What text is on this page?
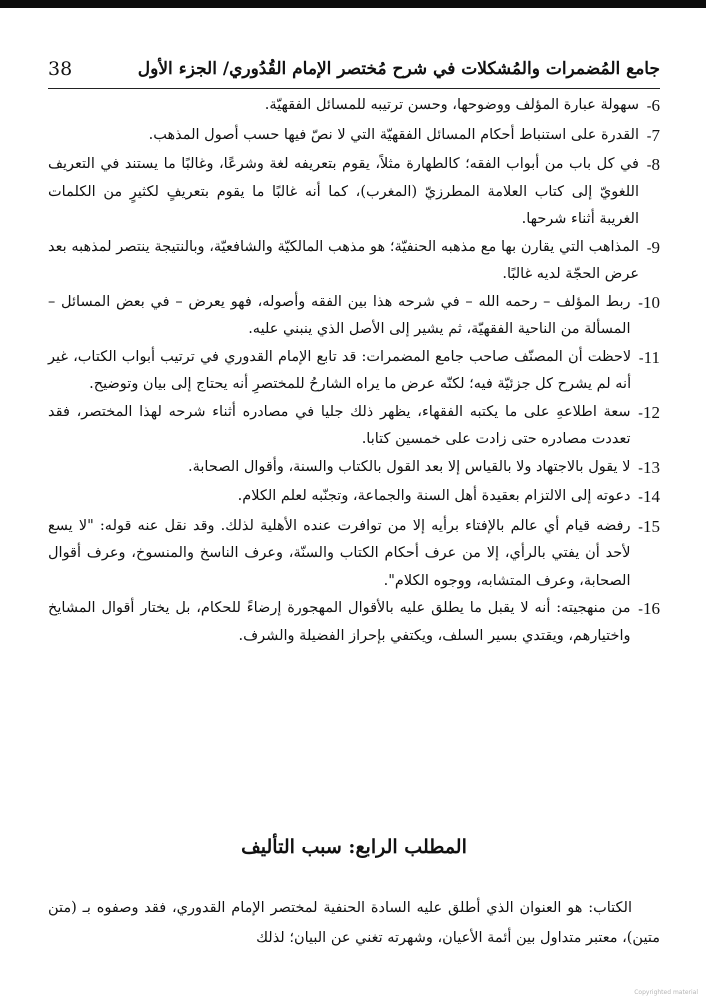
جامع المُضمرات والمُشكلات في شرح مُختصر الإمام القُدُوري/ الجزء الأول
38
6-
سهولة عبارة المؤلف ووضوحها، وحسن ترتيبه للمسائل الفقهيّة.
7-
القدرة على استنباط أحكام المسائل الفقهيّة التي لا نصّ فيها حسب أصول المذهب.
8-
في كل باب من أبواب الفقه؛ كالطهارة مثلاً، يقوم بتعريفه لغة وشرعًا، وغالبًا ما يستند في التعريف اللغويّ إلى كتاب العلامة المطرزيّ (المغرب)، كما أنه غالبًا ما يقوم بتعريفٍ لكثيرٍ من الكلمات الغريبة أثناء شرحها.
9-
المذاهب التي يقارن بها مع مذهبه الحنفيّة؛ هو مذهب المالكيّة والشافعيّة، وبالنتيجة ينتصر لمذهبه بعد عرض الحجّة لديه غالبًا.
10-
ربط المؤلف – رحمه الله – في شرحه هذا بين الفقه وأصوله، فهو يعرض – في بعض المسائل – المسألة من الناحية الفقهيّة، ثم يشير إلى الأصل الذي ينبني عليه.
11-
لاحظت أن المصنّف صاحب جامع المضمرات: قد تابع الإمام القدوري في ترتيب أبواب الكتاب، غير أنه لم يشرح كل جزئيّة فيه؛ لكنّه عرض ما يراه الشارحُ للمختصرِ أنه يحتاج إلى بيان وتوضيح.
12-
سعة اطلاعهِ على ما يكتبه الفقهاء، يظهر ذلك جليا في مصادره أثناء شرحه لهذا المختصر، فقد تعددت مصادره حتى زادت على خمسين كتابا.
13-
لا يقول بالاجتهاد ولا بالقياس إلا بعد القول بالكتاب والسنة، وأقوال الصحابة.
14-
دعوته إلى الالتزام بعقيدة أهل السنة والجماعة، وتجنّبه لعلم الكلام.
15-
رفضه قيام أي عالم بالإفتاء برأيه إلا من توافرت عنده الأهلية لذلك. وقد نقل عنه قوله: "لا يسع لأحد أن يفتي بالرأي، إلا من عرف أحكام الكتاب والسنّة، وعرف الناسخ والمنسوخ، وعرف أقوال الصحابة، وعرف المتشابه، ووجوه الكلام".
16-
من منهجيته: أنه لا يقبل ما يطلق عليه بالأقوال المهجورة إرضاءً للحكام، بل يختار أقوال المشايخ واختيارهم، ويقتدي بسير السلف، ويكتفي بإحراز الفضيلة والشرف.
المطلب الرابع: سبب التأليف

الكتاب: هو العنوان الذي أطلق عليه السادة الحنفية لمختصر الإمام القدوري، فقد وصفوه بـ (متن متين)، معتبر متداول بين أئمة الأعيان، وشهرته تغني عن البيان؛ لذلك

Copyrighted material
